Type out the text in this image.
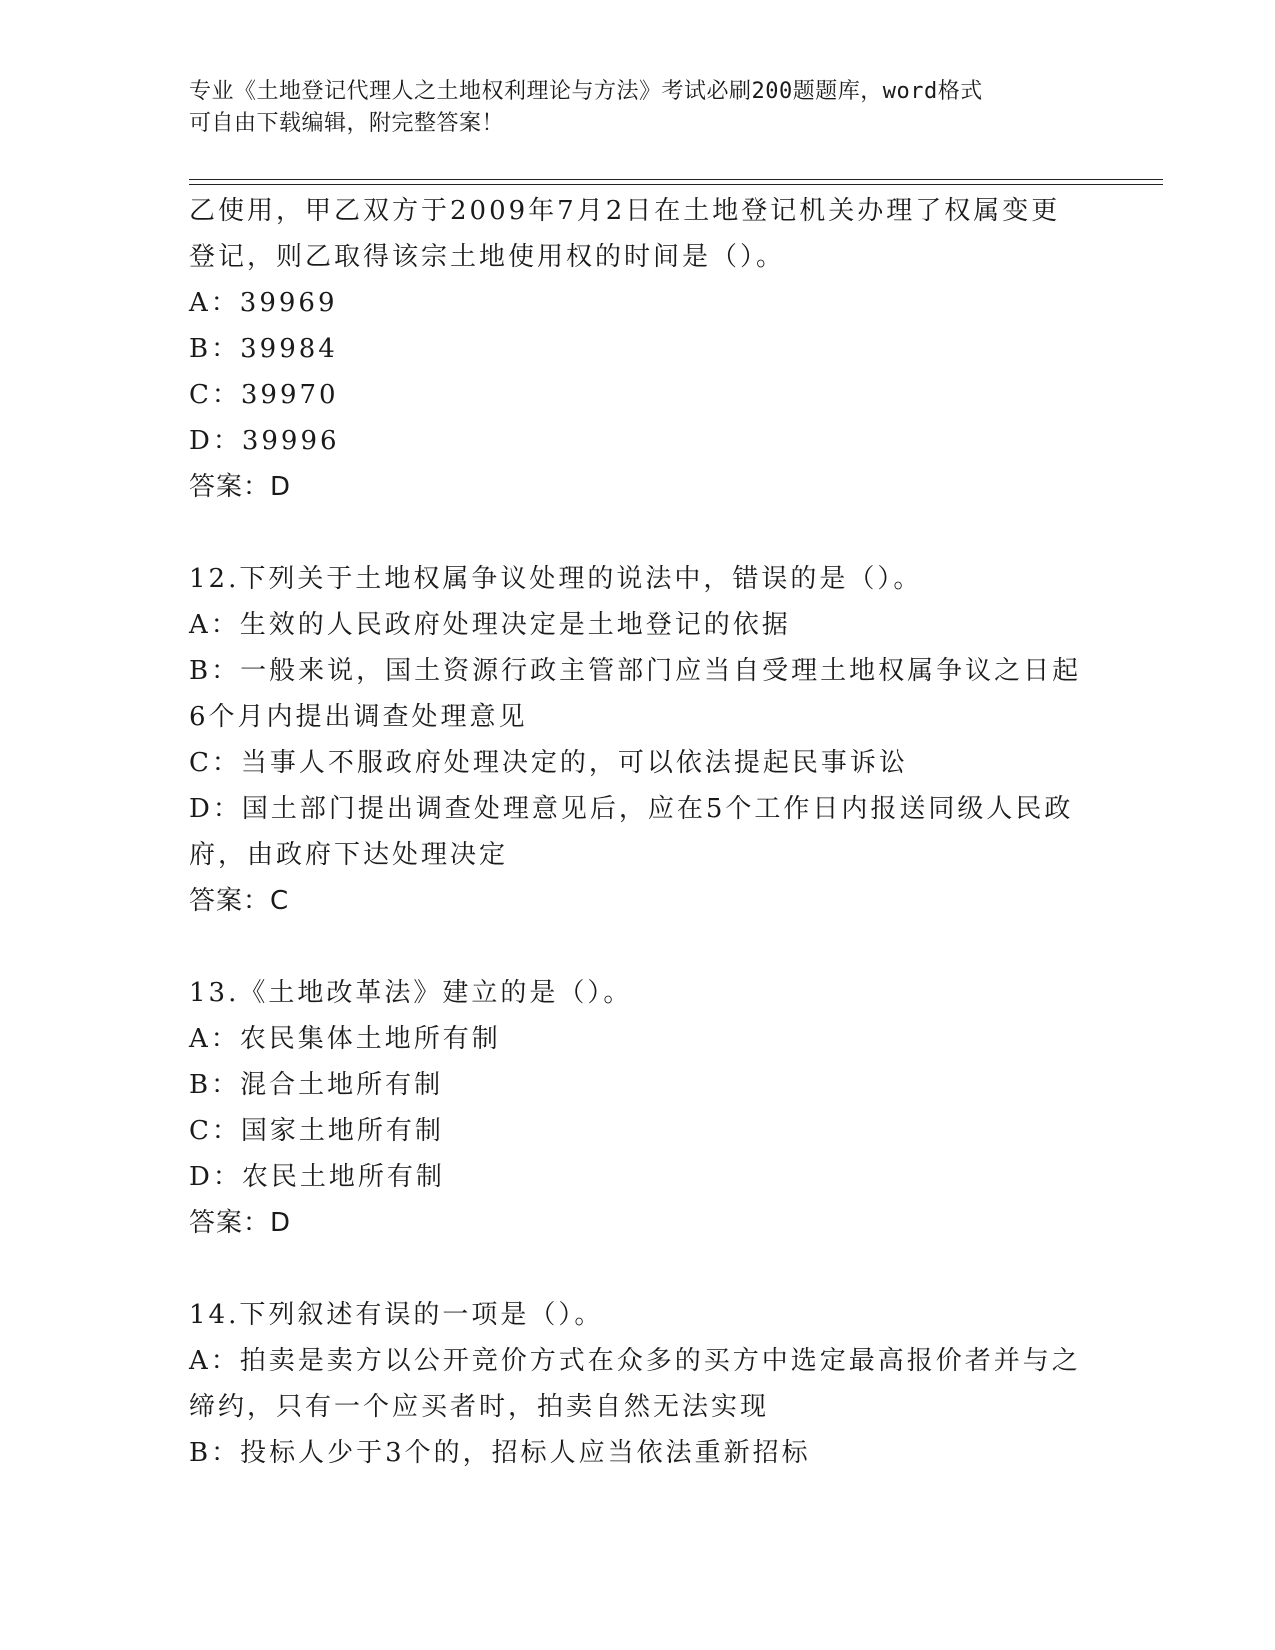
专业《土地登记代理人之土地权利理论与方法》考试必刷200题题库，word格式
可自由下载编辑，附完整答案！
乙使用，甲乙双方于2009年7月2日在土地登记机关办理了权属变更
登记，则乙取得该宗土地使用权的时间是（）。
A：39969
B：39984
C：39970
D：39996
答案：D
12.下列关于土地权属争议处理的说法中，错误的是（）。
A：生效的人民政府处理决定是土地登记的依据
B：一般来说，国土资源行政主管部门应当自受理土地权属争议之日起
6个月内提出调查处理意见
C：当事人不服政府处理决定的，可以依法提起民事诉讼
D：国土部门提出调查处理意见后，应在5个工作日内报送同级人民政
府，由政府下达处理决定
答案：C
13.《土地改革法》建立的是（）。
A：农民集体土地所有制
B：混合土地所有制
C：国家土地所有制
D：农民土地所有制
答案：D
14.下列叙述有误的一项是（）。
A：拍卖是卖方以公开竞价方式在众多的买方中选定最高报价者并与之
缔约，只有一个应买者时，拍卖自然无法实现
B：投标人少于3个的，招标人应当依法重新招标
